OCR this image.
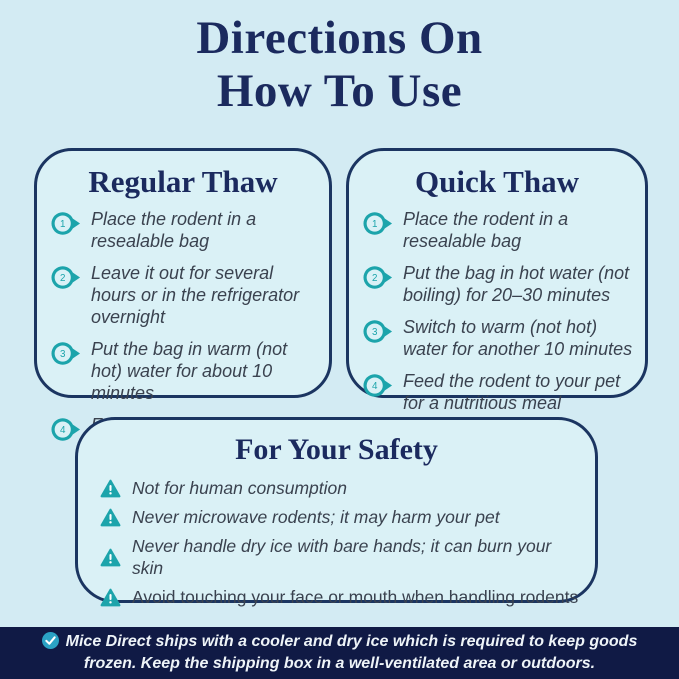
Directions On
How To Use
Regular Thaw
1 Place the rodent in a resealable bag

2 Leave it out for several hours or in the refrigerator overnight

3 Put the bag in warm (not hot) water for about 10 minutes

4

Quick Thaw
1 Place the rodent in a resealable bag

2 Put the bag in hot water (not boiling) for 20–30 minutes

3 Switch to warm (not hot) water for another 10 minutes

4 Feed the rodent to your pet for a nutritious meal

For Your Safety

Not for human consumption

Never microwave rodents; it may harm your pet

Never handle dry ice with bare hands; it can burn your skin

Avoid touching your face or mouth when handling rodents

Mice Direct ships with a cooler and dry ice which is required to keep goods frozen. Keep the shipping box in a well-ventilated area or outdoors.
